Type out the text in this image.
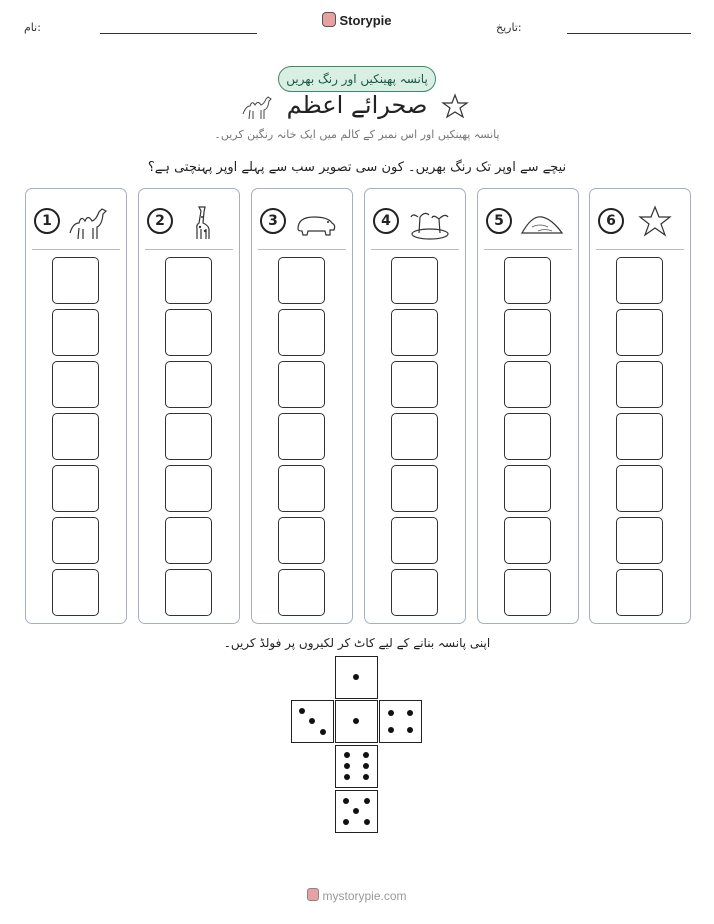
تاریخ:
Storypie
نام:
پانسہ پھینکیں اور رنگ بھریں
صحرائے اعظم
پانسہ پھینکیں اور اس نمبر کے کالم میں ایک خانہ رنگین کریں۔
نیچے سے اوپر تک رنگ بھریں۔ کون سی تصویر سب سے پہلے اوپر پہنچتی ہے؟
1	2	3	4	5	6
اپنی پانسہ بنانے کے لیے کاٹ کر لکیروں پر فولڈ کریں۔
mystorypie.com
